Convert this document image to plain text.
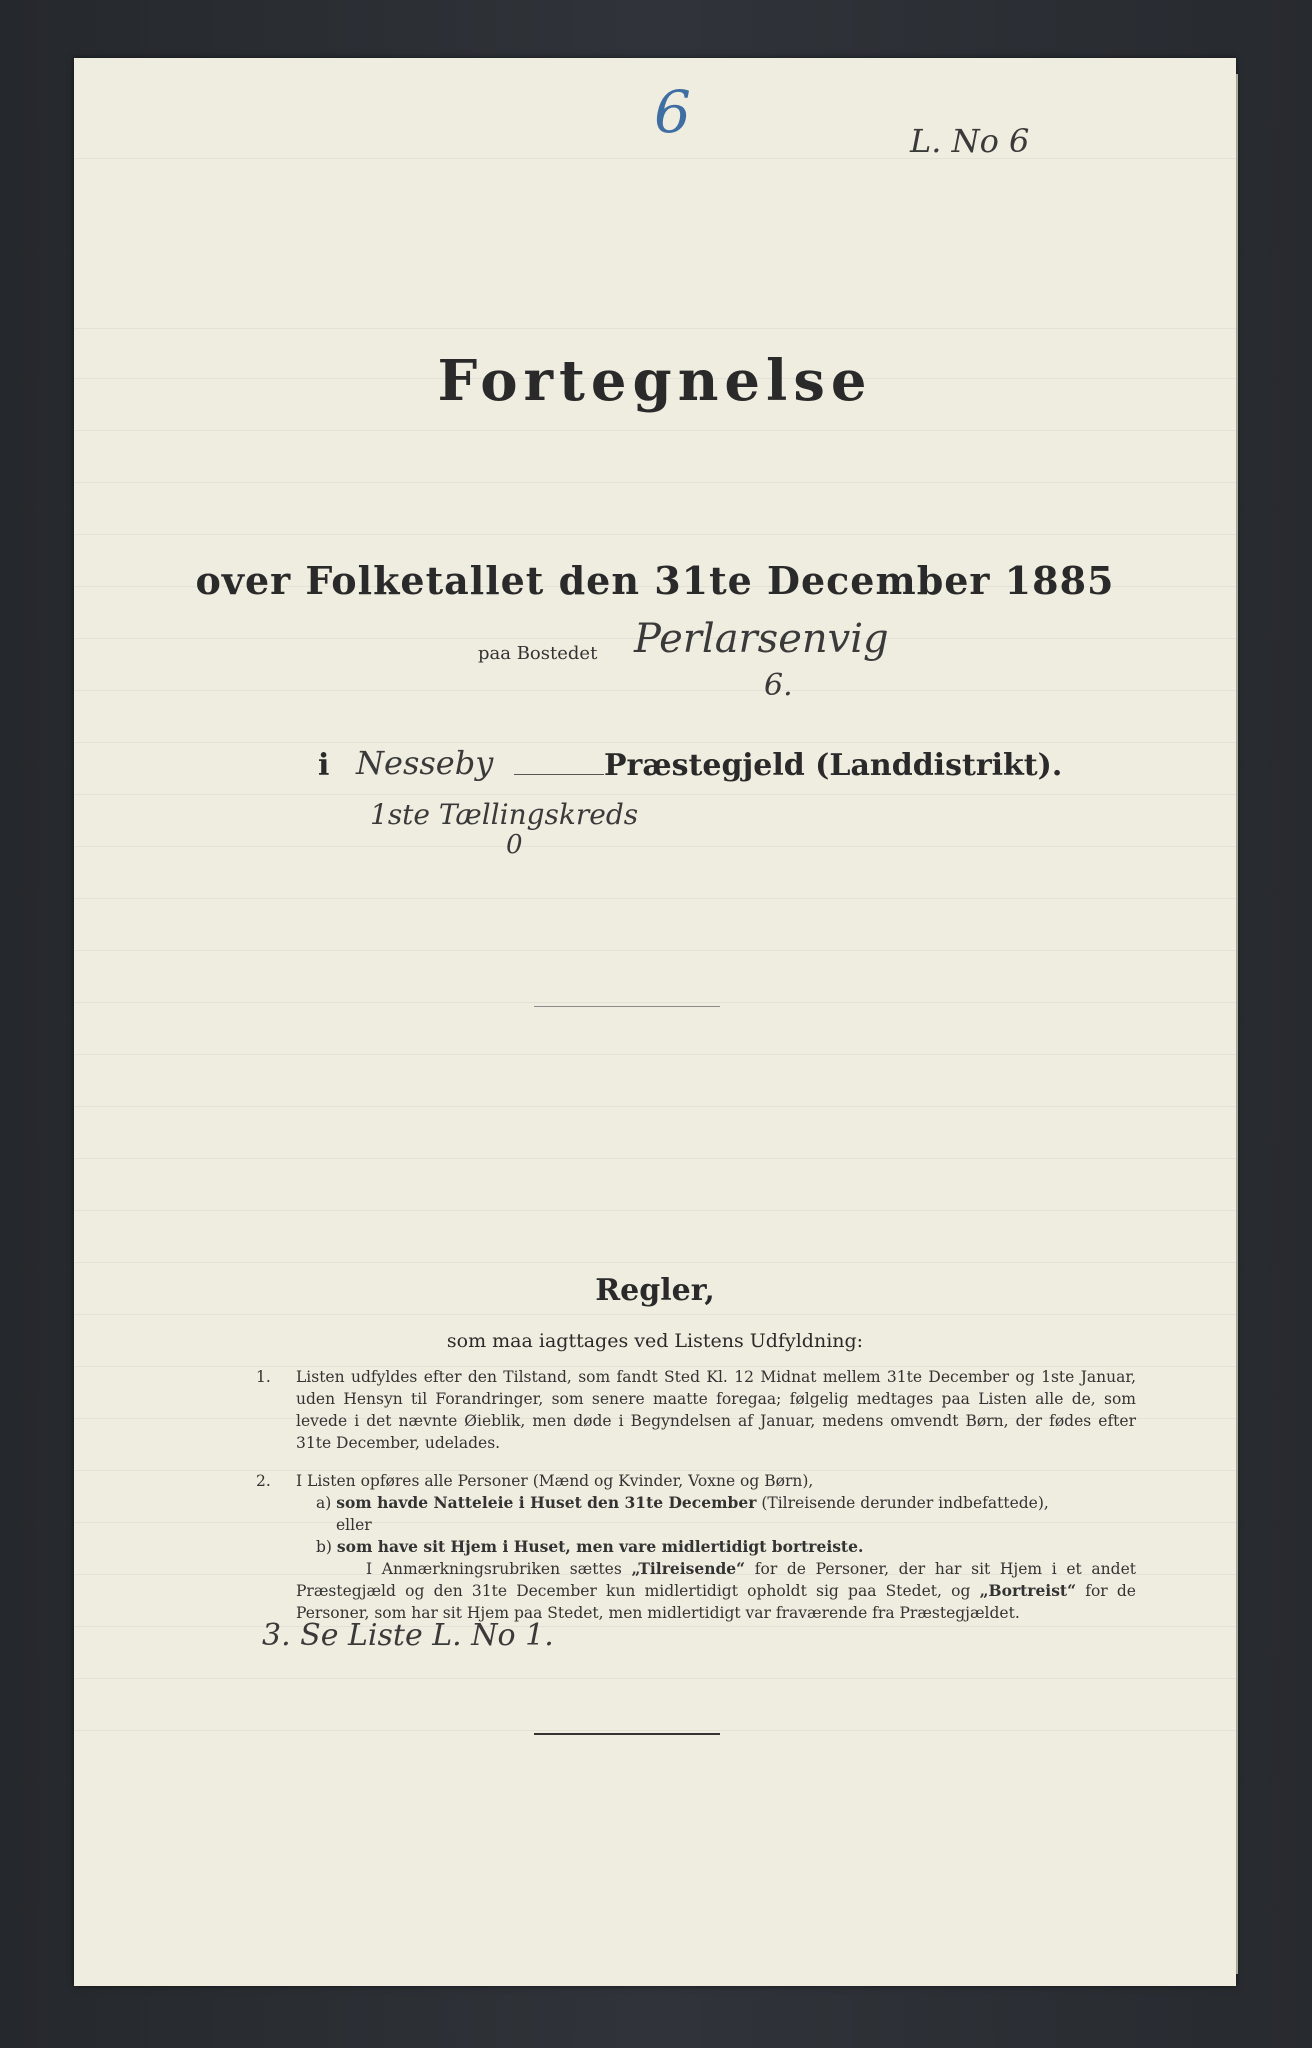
6	L. No 6
Fortegnelse
over Folketallet den 31te December 1885
paa Bostedet Perlarsenvig
6.
i Nesseby	Præstegjeld (Landdistrikt).
1ste Tællingskreds
0
Regler,
som maa iagttages ved Listens Udfyldning:
1. Listen udfyldes efter den Tilstand, som fandt Sted Kl. 12 Midnat mellem 31te December og 1ste Januar, uden Hensyn til Forandringer, som senere maatte foregaa; følgelig medtages paa Listen alle de, som levede i det nævnte Øieblik, men døde i Begyndelsen af Januar, medens omvendt Børn, der fødes efter 31te December, udelades.
2. I Listen opføres alle Personer (Mænd og Kvinder, Voxne og Børn),
a) som havde Natteleie i Huset den 31te December (Tilreisende derunder indbefattede),
eller
b) som have sit Hjem i Huset, men vare midlertidigt bortreiste.
I Anmærkningsrubriken sættes „Tilreisende“ for de Personer, der har sit Hjem i et andet Præstegjæld og den 31te December kun midlertidigt opholdt sig paa Stedet, og „Bortreist“ for de Personer, som har sit Hjem paa Stedet, men midlertidigt var fraværende fra Præstegjældet.
3. Se Liste L. No 1.
